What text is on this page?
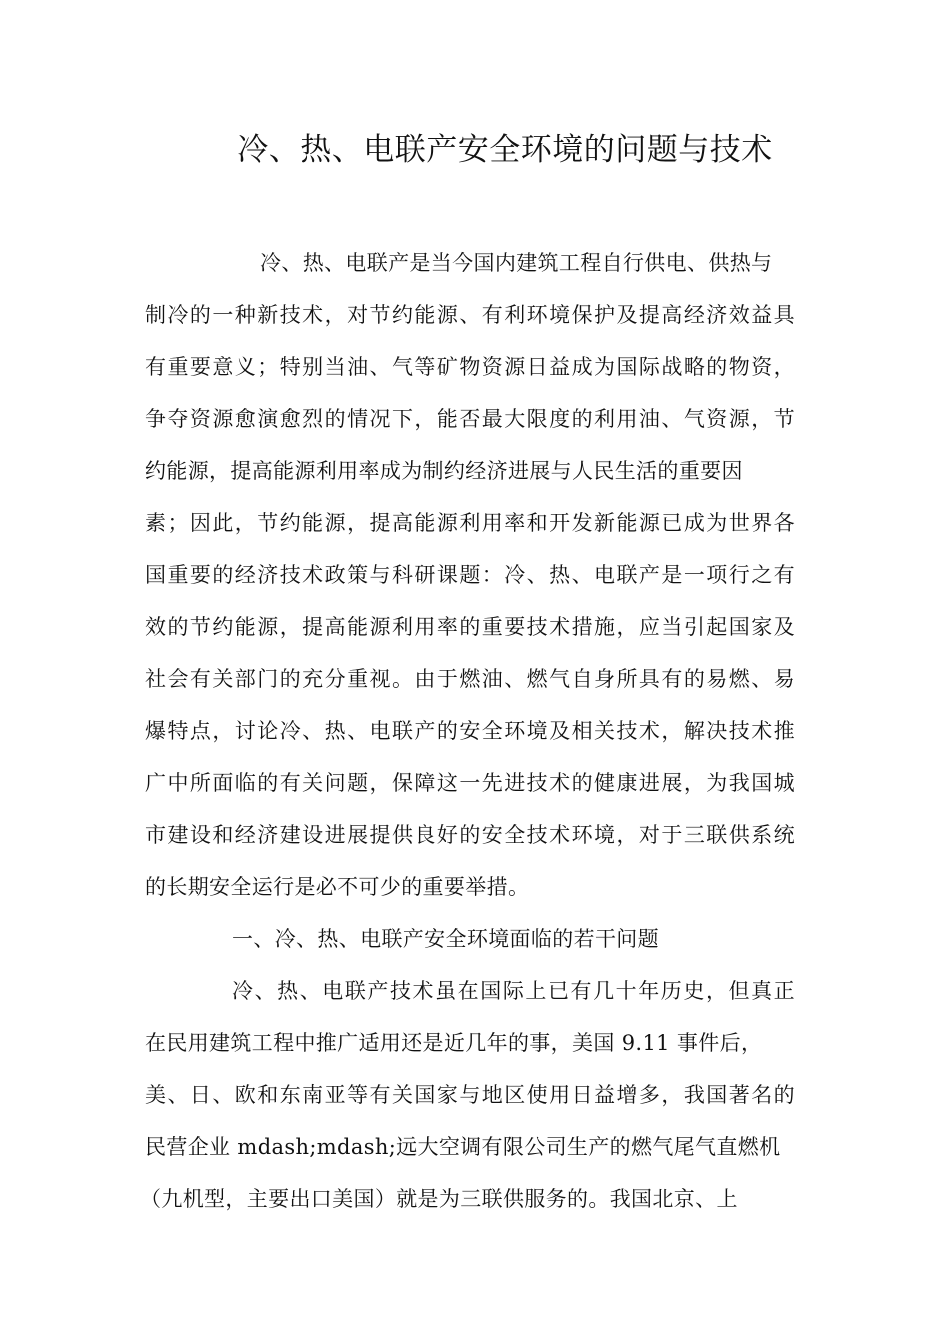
冷、热、电联产安全环境的问题与技术
冷、热、电联产是当今国内建筑工程自行供电、供热与
制冷的一种新技术，对节约能源、有利环境保护及提高经济效益具
有重要意义；特别当油、气等矿物资源日益成为国际战略的物资，
争夺资源愈演愈烈的情况下，能否最大限度的利用油、气资源，节
约能源，提高能源利用率成为制约经济进展与人民生活的重要因
素；因此，节约能源，提高能源利用率和开发新能源已成为世界各
国重要的经济技术政策与科研课题：冷、热、电联产是一项行之有
效的节约能源，提高能源利用率的重要技术措施，应当引起国家及
社会有关部门的充分重视。由于燃油、燃气自身所具有的易燃、易
爆特点，讨论冷、热、电联产的安全环境及相关技术，解决技术推
广中所面临的有关问题，保障这一先进技术的健康进展，为我国城
市建设和经济建设进展提供良好的安全技术环境，对于三联供系统
的长期安全运行是必不可少的重要举措。
一、冷、热、电联产安全环境面临的若干问题
冷、热、电联产技术虽在国际上已有几十年历史，但真正
在民用建筑工程中推广适用还是近几年的事，美国 9.11 事件后，
美、日、欧和东南亚等有关国家与地区使用日益增多，我国著名的
民营企业 mdash;mdash;远大空调有限公司生产的燃气尾气直燃机
（九机型，主要出口美国）就是为三联供服务的。我国北京、上
